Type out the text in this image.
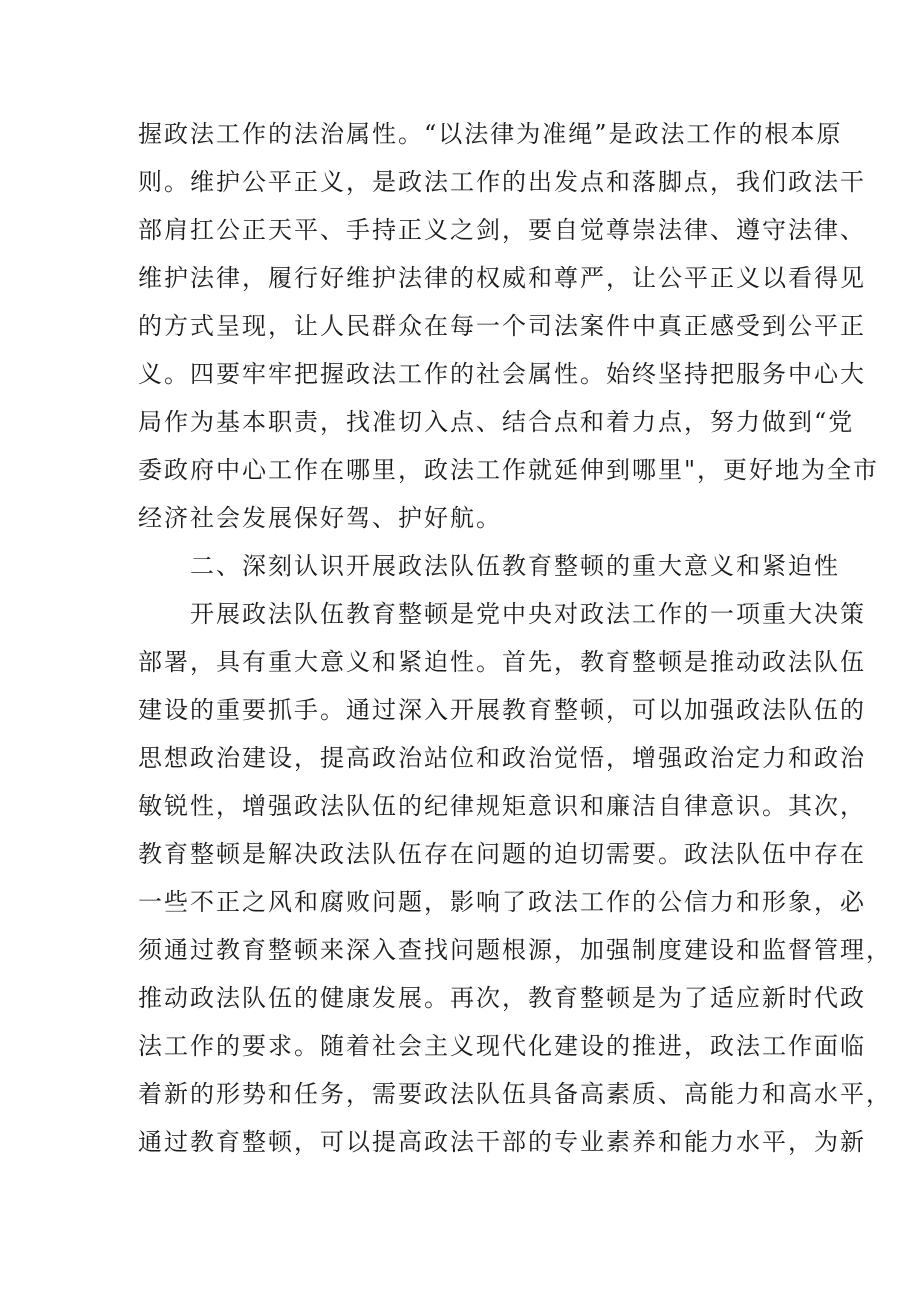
握政法工作的法治属性。“以法律为准绳”是政法工作的根本原
则。维护公平正义，是政法工作的出发点和落脚点，我们政法干
部肩扛公正天平、手持正义之剑，要自觉尊崇法律、遵守法律、
维护法律，履行好维护法律的权威和尊严，让公平正义以看得见
的方式呈现，让人民群众在每一个司法案件中真正感受到公平正
义。四要牢牢把握政法工作的社会属性。始终坚持把服务中心大
局作为基本职责，找准切入点、结合点和着力点，努力做到“党
委政府中心工作在哪里，政法工作就延伸到哪里"，更好地为全市
经济社会发展保好驾、护好航。
二、深刻认识开展政法队伍教育整顿的重大意义和紧迫性
开展政法队伍教育整顿是党中央对政法工作的一项重大决策
部署，具有重大意义和紧迫性。首先，教育整顿是推动政法队伍
建设的重要抓手。通过深入开展教育整顿，可以加强政法队伍的
思想政治建设，提高政治站位和政治觉悟，增强政治定力和政治
敏锐性，增强政法队伍的纪律规矩意识和廉洁自律意识。其次，
教育整顿是解决政法队伍存在问题的迫切需要。政法队伍中存在
一些不正之风和腐败问题，影响了政法工作的公信力和形象，必
须通过教育整顿来深入查找问题根源，加强制度建设和监督管理，
推动政法队伍的健康发展。再次，教育整顿是为了适应新时代政
法工作的要求。随着社会主义现代化建设的推进，政法工作面临
着新的形势和任务，需要政法队伍具备高素质、高能力和高水平，
通过教育整顿，可以提高政法干部的专业素养和能力水平，为新
